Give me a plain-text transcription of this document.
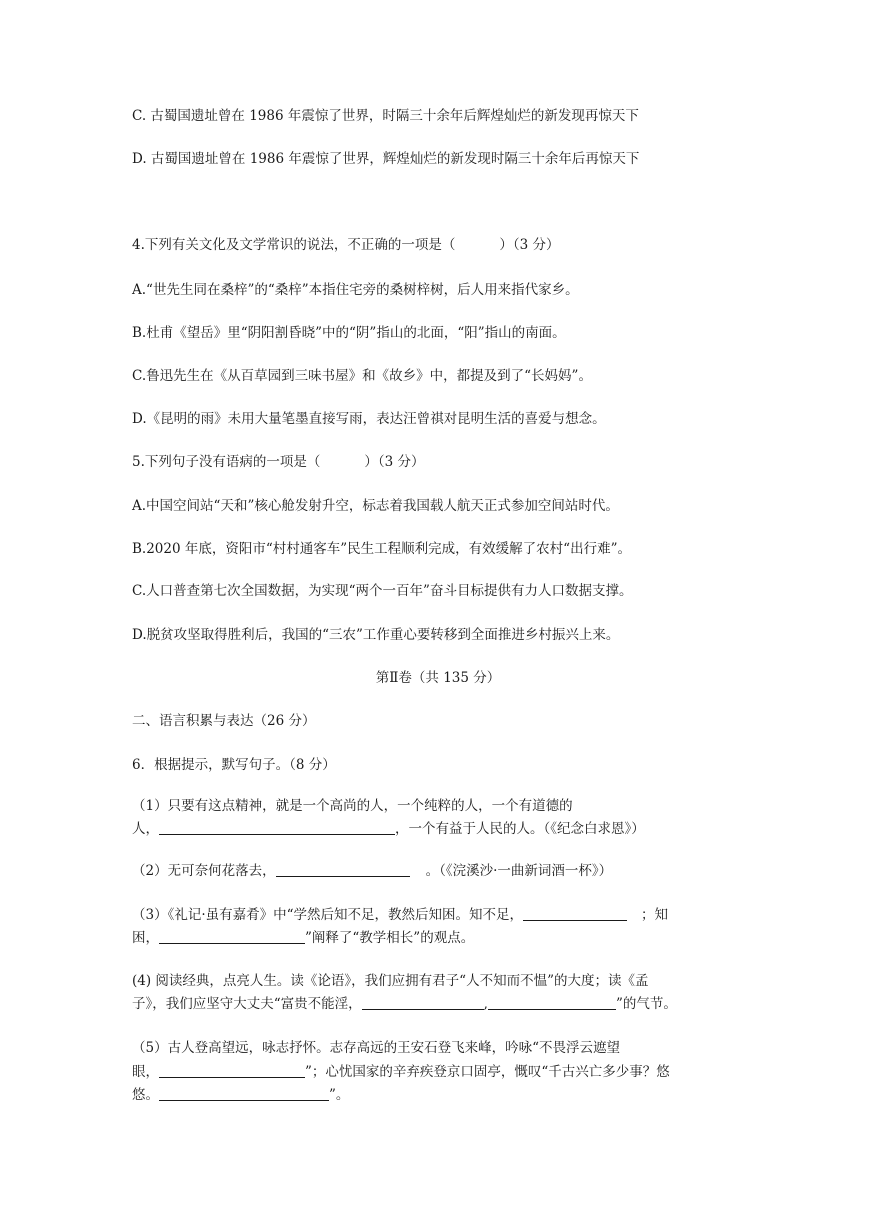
C. 古蜀国遗址曾在 1986 年震惊了世界，时隔三十余年后辉煌灿烂的新发现再惊天下
D. 古蜀国遗址曾在 1986 年震惊了世界，辉煌灿烂的新发现时隔三十余年后再惊天下
4.下列有关文化及文学常识的说法，不正确的一项是（	）（3 分）
A.“世先生同在桑梓”的“桑梓”本指住宅旁的桑树梓树，后人用来指代家乡。
B.杜甫《望岳》里“阴阳割昏晓”中的“阴”指山的北面，“阳”指山的南面。
C.鲁迅先生在《从百草园到三味书屋》和《故乡》中，都提及到了“长妈妈”。
D.《昆明的雨》未用大量笔墨直接写雨，表达汪曾祺对昆明生活的喜爱与想念。
5.下列句子没有语病的一项是（	）（3 分）
A.中国空间站“天和”核心舱发射升空，标志着我国载人航天正式参加空间站时代。
B.2020 年底，资阳市“村村通客车”民生工程顺利完成，有效缓解了农村“出行难”。
C.人口普查第七次全国数据，为实现“两个一百年”奋斗目标提供有力人口数据支撑。
D.脱贫攻坚取得胜利后，我国的“三农”工作重心要转移到全面推进乡村振兴上来。
第Ⅱ卷（共 135 分）
二、语言积累与表达（26 分）
6．根据提示，默写句子。（8 分）
（1）只要有这点精神，就是一个高尚的人，一个纯粹的人，一个有道德的
人，	，一个有益于人民的人。（《纪念白求恩》）
（2）无可奈何花落去，	。（《浣溪沙·一曲新词酒一杯》）
（3）《礼记·虽有嘉肴》中“学然后知不足，教然后知困。知不足，	；知
困，	”阐释了“教学相长”的观点。
(4) 阅读经典，点亮人生。读《论语》，我们应拥有君子“人不知而不愠”的大度；读《孟
子》，我们应坚守大丈夫“富贵不能淫，	,	”的气节。
（5）古人登高望远，咏志抒怀。志存高远的王安石登飞来峰，吟咏“不畏浮云遮望
眼，	”；心忧国家的辛弃疾登京口固亭，慨叹“千古兴亡多少事？悠
悠。	”。
